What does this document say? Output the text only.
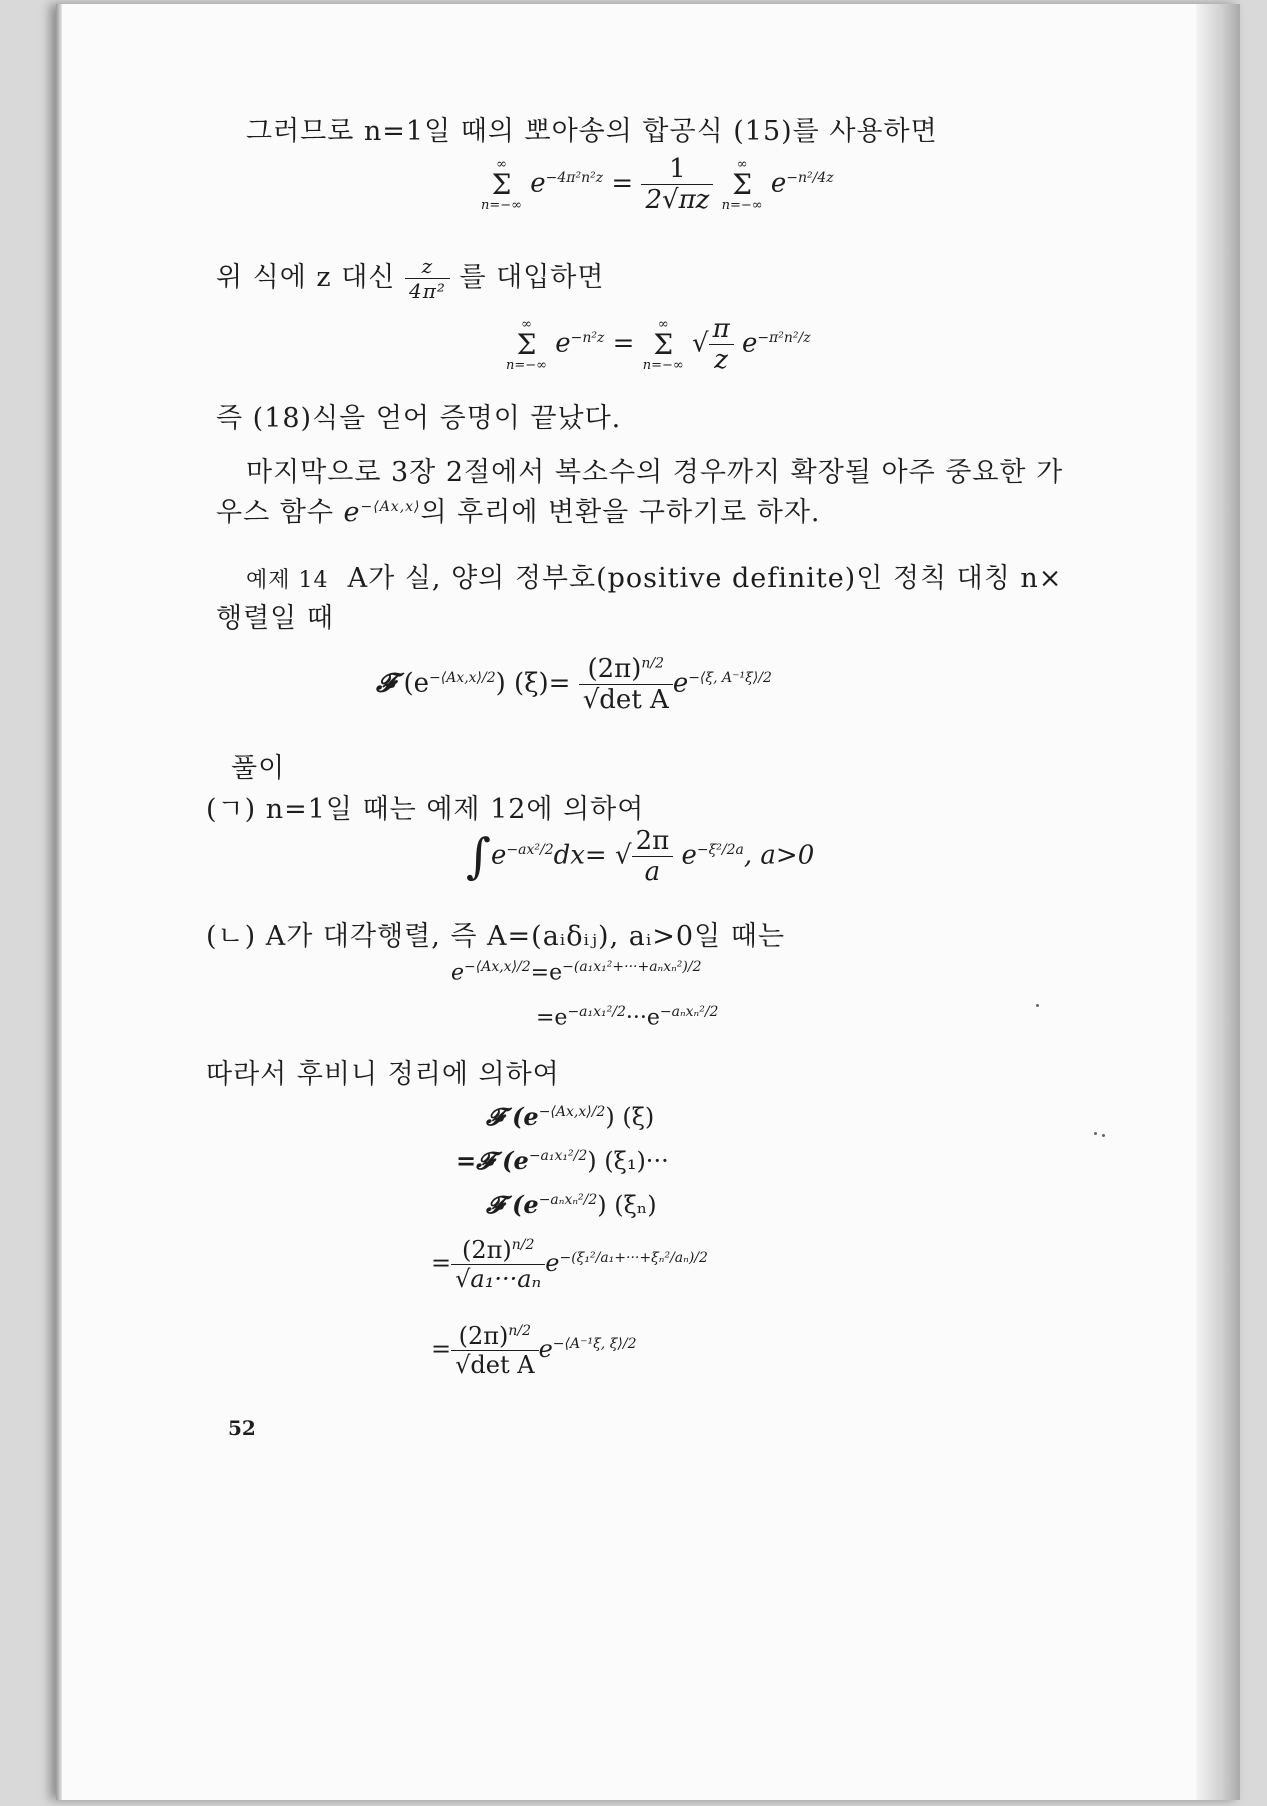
그러므로 n=1일 때의 뽀아송의 합공식 (15)를 사용하면
∞
Σ
n=−∞
$e^{-4\pi^2n^2z} = \frac{1}{2√\pi z}$
	∞
Σ
n=−∞
$e^{-n^2/4z}$
위 식에 z 대신 $\frac{z}{\text{4π²}}$ 를 대입하면
∞
Σ
n=−∞
$e^{-n^2z}$ =
∞
Σ
n=−∞
√ $\frac{\pi}{z} e^{-\pi^2n^2/z}$
즉 (18)식을 얻어 증명이 끝났다.
마지막으로 3장 2절에서 복소수의 경우까지 확장될 아주 중요한 가
우스 함수 $e^{-⟨Ax,x⟩}$의 후리에 변환을 구하기로 하자.
예제 14 A가 실, 양의 정부호(positive definite)인 정칙 대칭 n×
행렬일 때
𝓕 $(e^{-⟨Ax,x⟩/2})$ $(\xi)= \frac{(2\pi)^{n/2}}{\text{√det A}} e^{-⟨\xi, A^{-1}\xi⟩/2}$
풀이
(ㄱ) n=1일 때는 예제 12에 의하여
$\int e^{-ax^2/2}dx=$ √ $\frac{2\pi}{a} e^{-\xi^2/2a}$, a>0
(ㄴ) A가 대각행렬, 즉 A=(aᵢδᵢⱼ), aᵢ>0일 때는
$e^{-⟨Ax,x⟩/2}=e^{-(a_1x_1^2+\cdot\cdot\cdot+a_nx_n^2)/2}$
$=e^{-a_1x_1^2/2}\cdot\cdot\cdot e^{-a_nx_n^2/2}$
따라서 후비니 정리에 의하여
𝓕 $(e^{-⟨Ax,x⟩/2})$ (ξ)
=𝓕 $(e^{-a_1x_1^2/2})$ (ξ₁)···
𝓕 $(e^{-a_nx_n^2/2})$ (ξₙ)
= $\frac{(2\pi)^{n/2}}{\text{√a₁···aₙ}} e^{-(\xi_1^2/a_1+\cdot\cdot\cdot+\xi_n^2/a_n)/2}$
= $\frac{(2\pi)^{n/2}}{\text{√det A}} e^{-⟨A^{-1}\xi, \xi⟩/2}$
52
